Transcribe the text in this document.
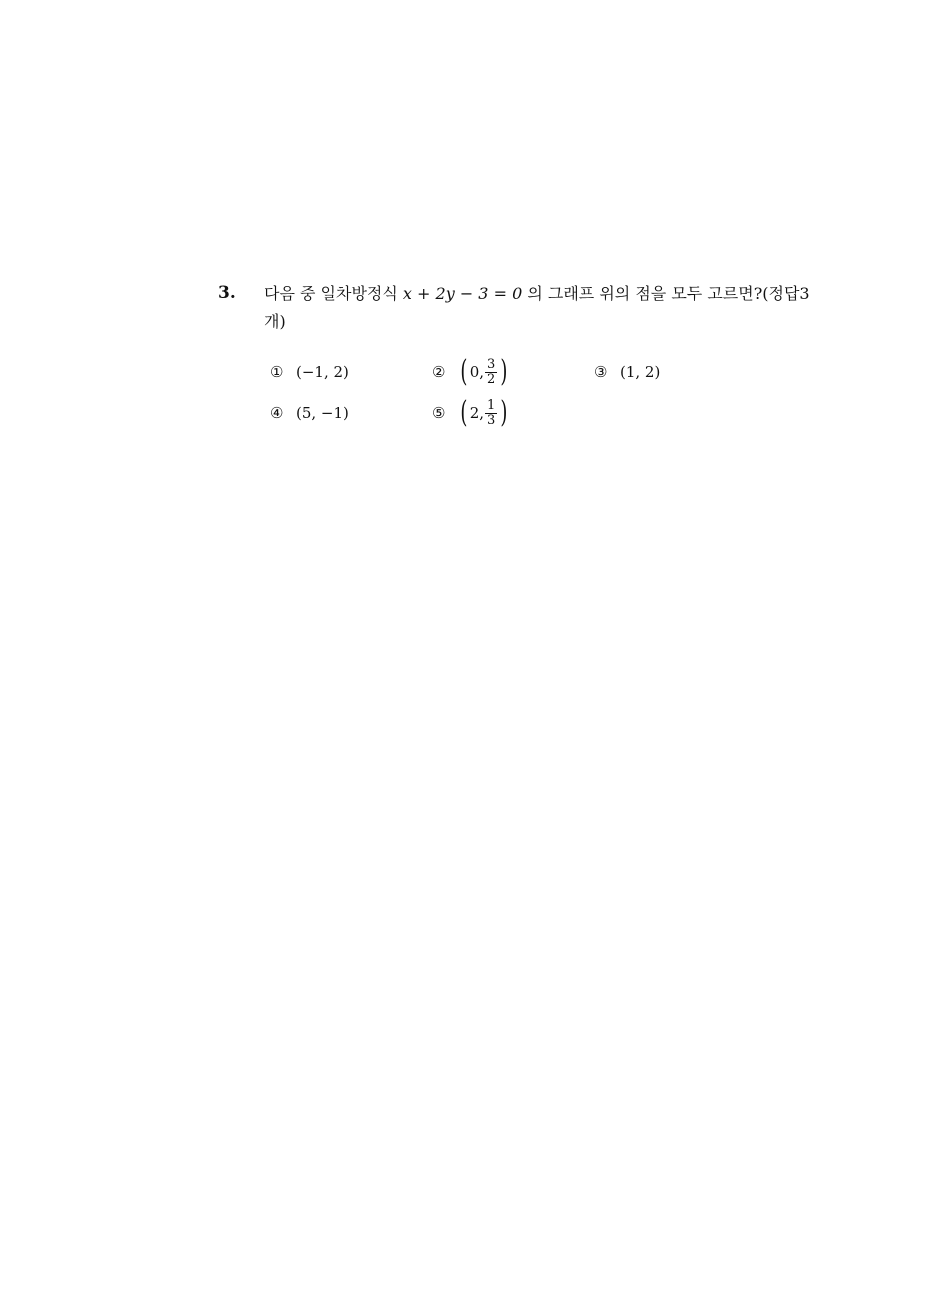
3. 다음 중 일차방정식 x + 2y − 3 = 0 의 그래프 위의 점을 모두 고르면?(정답3
개)
① (−1, 2)	② ( 0, $\frac{3}{2}$ )	③ (1, 2)
④ (5, −1)	⑤ ( 2, $\frac{1}{3}$ )
